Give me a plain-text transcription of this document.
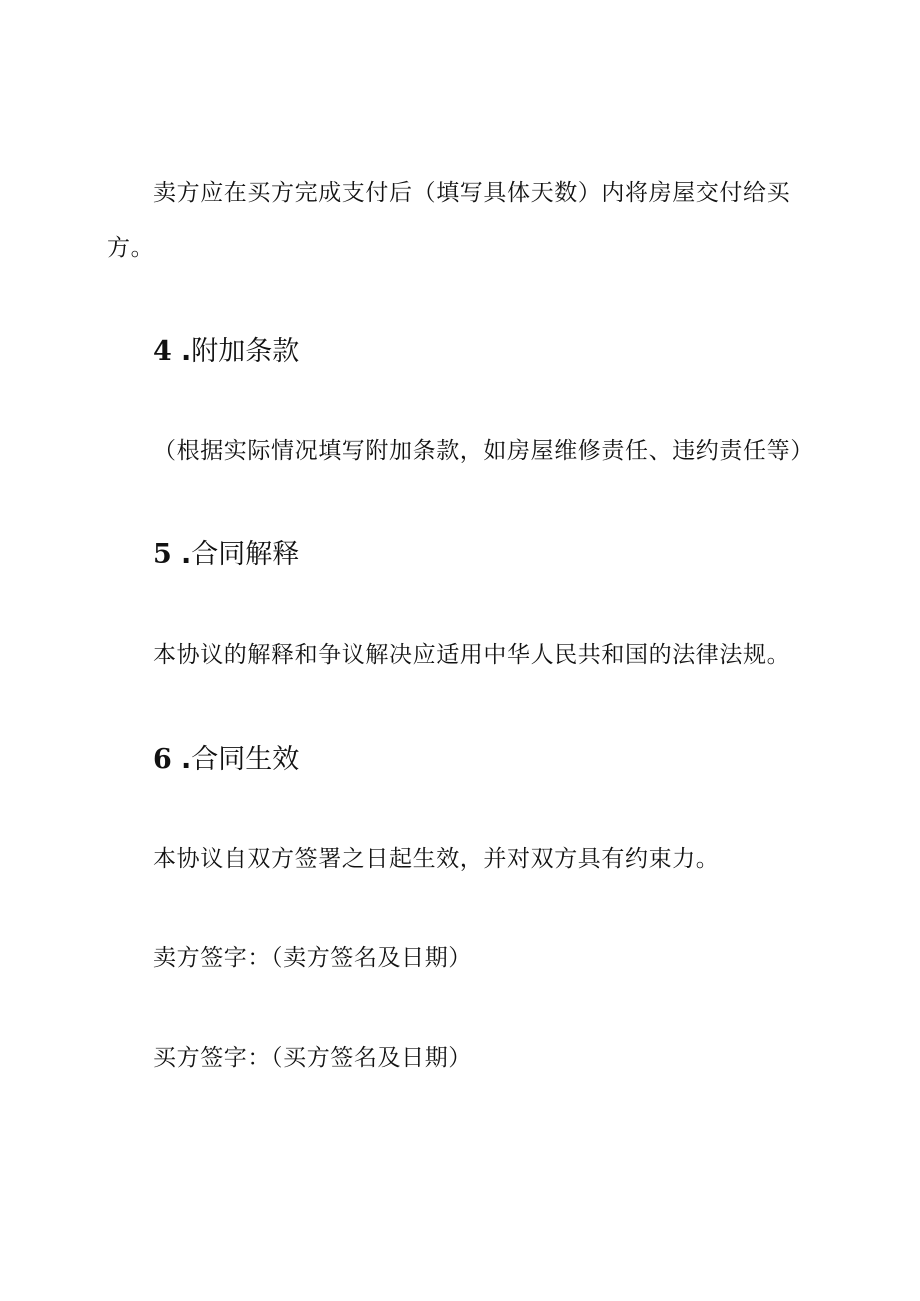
卖方应在买方完成支付后（填写具体天数）内将房屋交付给买
方。
4 .附加条款
（根据实际情况填写附加条款，如房屋维修责任、违约责任等）
5 .合同解释
本协议的解释和争议解决应适用中华人民共和国的法律法规。
6 .合同生效
本协议自双方签署之日起生效，并对双方具有约束力。
卖方签字：（卖方签名及日期）
买方签字：（买方签名及日期）
